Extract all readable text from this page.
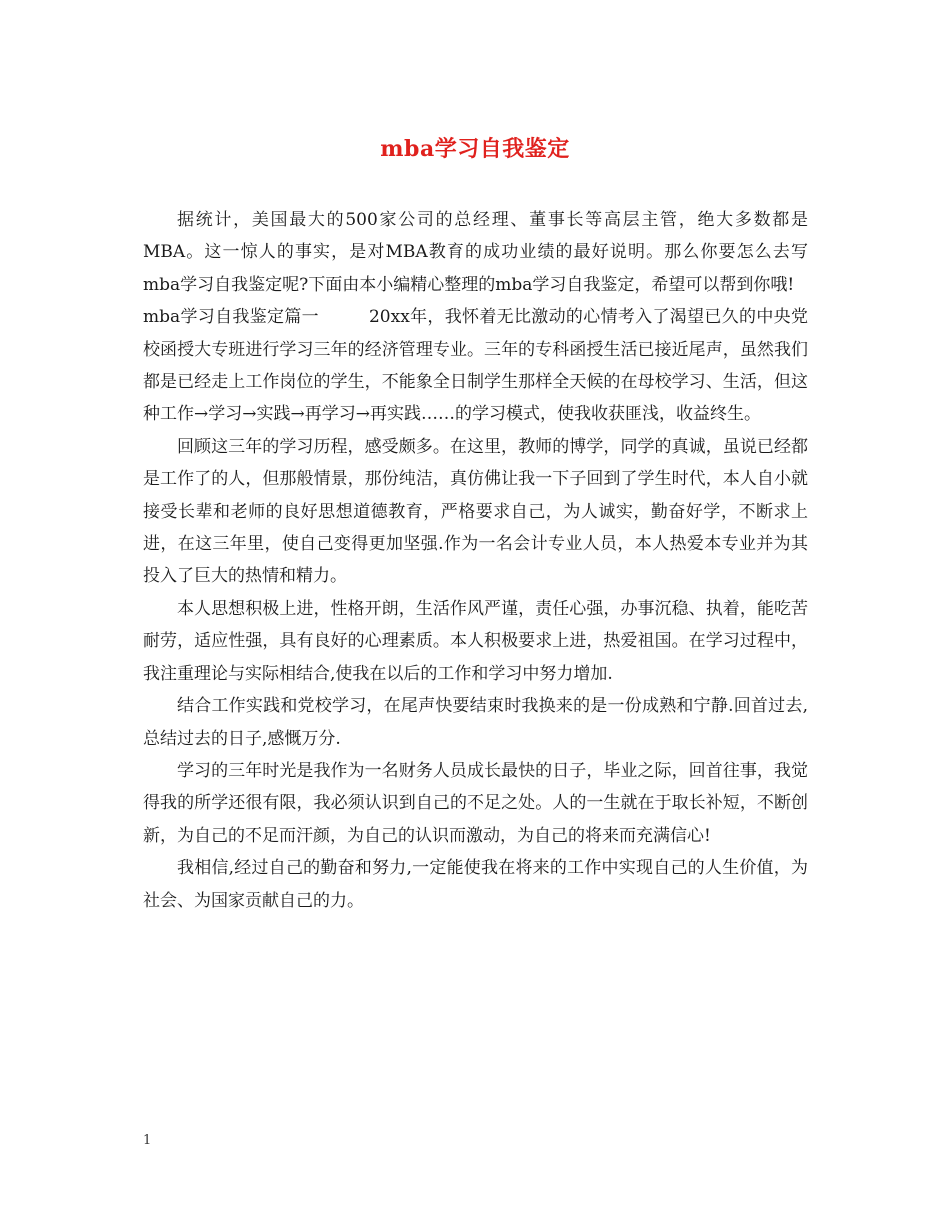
mba学习自我鉴定

据统计，美国最大的500家公司的总经理、董事长等高层主管，绝大多数都是MBA。这一惊人的事实，是对MBA教育的成功业绩的最好说明。那么你要怎么去写mba学习自我鉴定呢?下面由本小编精心整理的mba学习自我鉴定，希望可以帮到你哦!

mba学习自我鉴定篇一	20xx年，我怀着无比激动的心情考入了渴望已久的中央党校函授大专班进行学习三年的经济管理专业。三年的专科函授生活已接近尾声，虽然我们都是已经走上工作岗位的学生，不能象全日制学生那样全天候的在母校学习、生活，但这种工作→学习→实践→再学习→再实践……的学习模式，使我收获匪浅，收益终生。

回顾这三年的学习历程，感受颇多。在这里，教师的博学，同学的真诚，虽说已经都是工作了的人，但那般情景，那份纯洁，真仿佛让我一下子回到了学生时代，本人自小就接受长辈和老师的良好思想道德教育，严格要求自己，为人诚实，勤奋好学，不断求上进，在这三年里，使自己变得更加坚强.作为一名会计专业人员，本人热爱本专业并为其投入了巨大的热情和精力。

本人思想积极上进，性格开朗，生活作风严谨，责任心强，办事沉稳、执着，能吃苦耐劳，适应性强，具有良好的心理素质。本人积极要求上进，热爱祖国。在学习过程中，我注重理论与实际相结合,使我在以后的工作和学习中努力增加.

结合工作实践和党校学习，在尾声快要结束时我换来的是一份成熟和宁静.回首过去,总结过去的日子,感慨万分.

学习的三年时光是我作为一名财务人员成长最快的日子，毕业之际，回首往事，我觉得我的所学还很有限，我必须认识到自己的不足之处。人的一生就在于取长补短，不断创新，为自己的不足而汗颜，为自己的认识而激动，为自己的将来而充满信心!

我相信,经过自己的勤奋和努力,一定能使我在将来的工作中实现自己的人生价值，为社会、为国家贡献自己的力。

1
